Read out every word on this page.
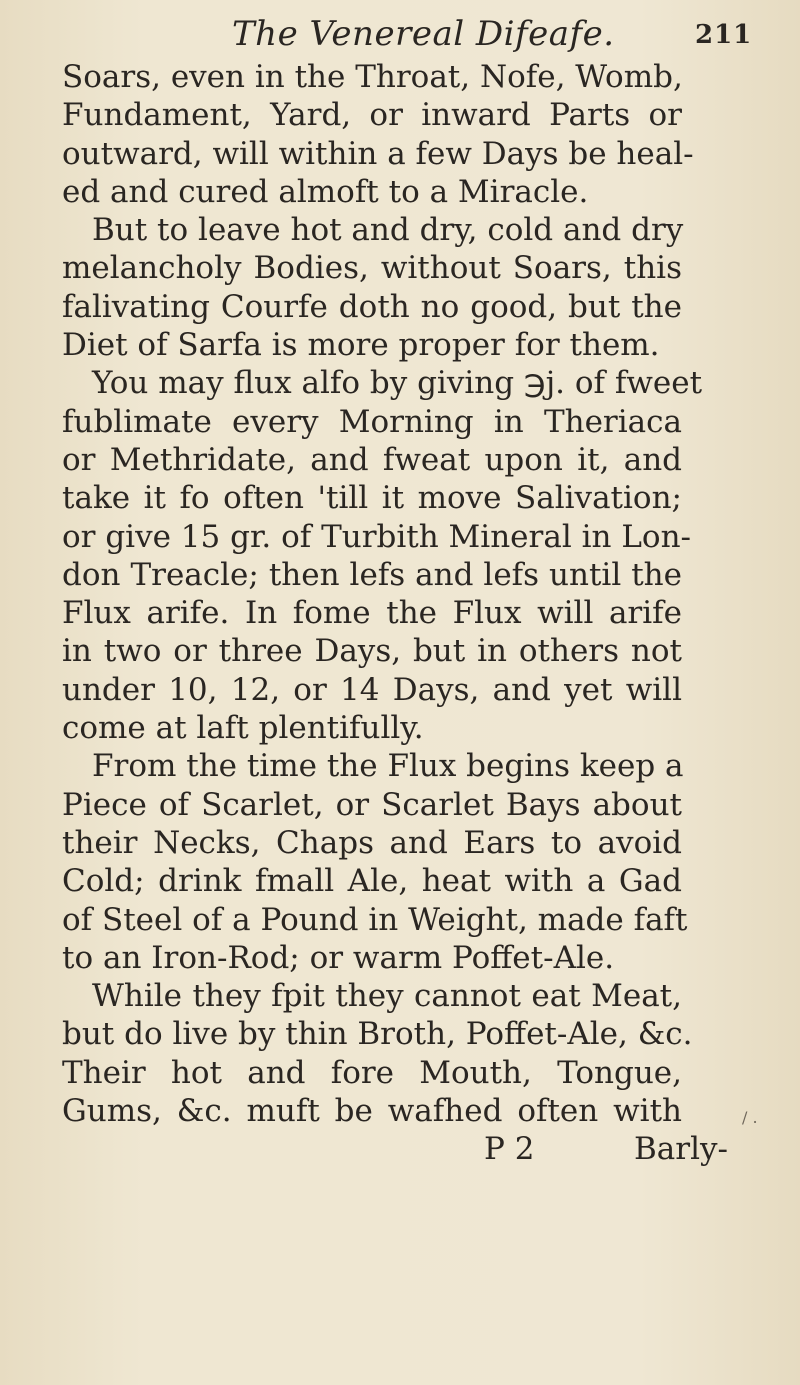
The Venereal Difeafe.	211
Soars, even in the Throat, Nofe, Womb,
Fundament, Yard, or inward Parts or
outward, will within a few Days be heal-
ed and cured almoft to a Miracle.
But to leave hot and dry, cold and dry
melancholy Bodies, without Soars, this
falivating Courfe doth no good, but the
Diet of Sarfa is more proper for them.
You may flux alfo by giving ℈j. of fweet
fublimate every Morning in Theriaca
or Methridate, and fweat upon it, and
take it fo often 'till it move Salivation;
or give 15 gr. of Turbith Mineral in Lon-
don Treacle; then lefs and lefs until the
Flux arife. In fome the Flux will arife
in two or three Days, but in others not
under 10, 12, or 14 Days, and yet will
come at laft plentifully.
From the time the Flux begins keep a
Piece of Scarlet, or Scarlet Bays about
their Necks, Chaps and Ears to avoid
Cold; drink fmall Ale, heat with a Gad
of Steel of a Pound in Weight, made faft
to an Iron-Rod; or warm Poffet-Ale.
While they fpit they cannot eat Meat,
but do live by thin Broth, Poffet-Ale, &c.
Their hot and fore Mouth, Tongue,
Gums, &c. muft be wafhed often with
P 2	Barly-
/ .
